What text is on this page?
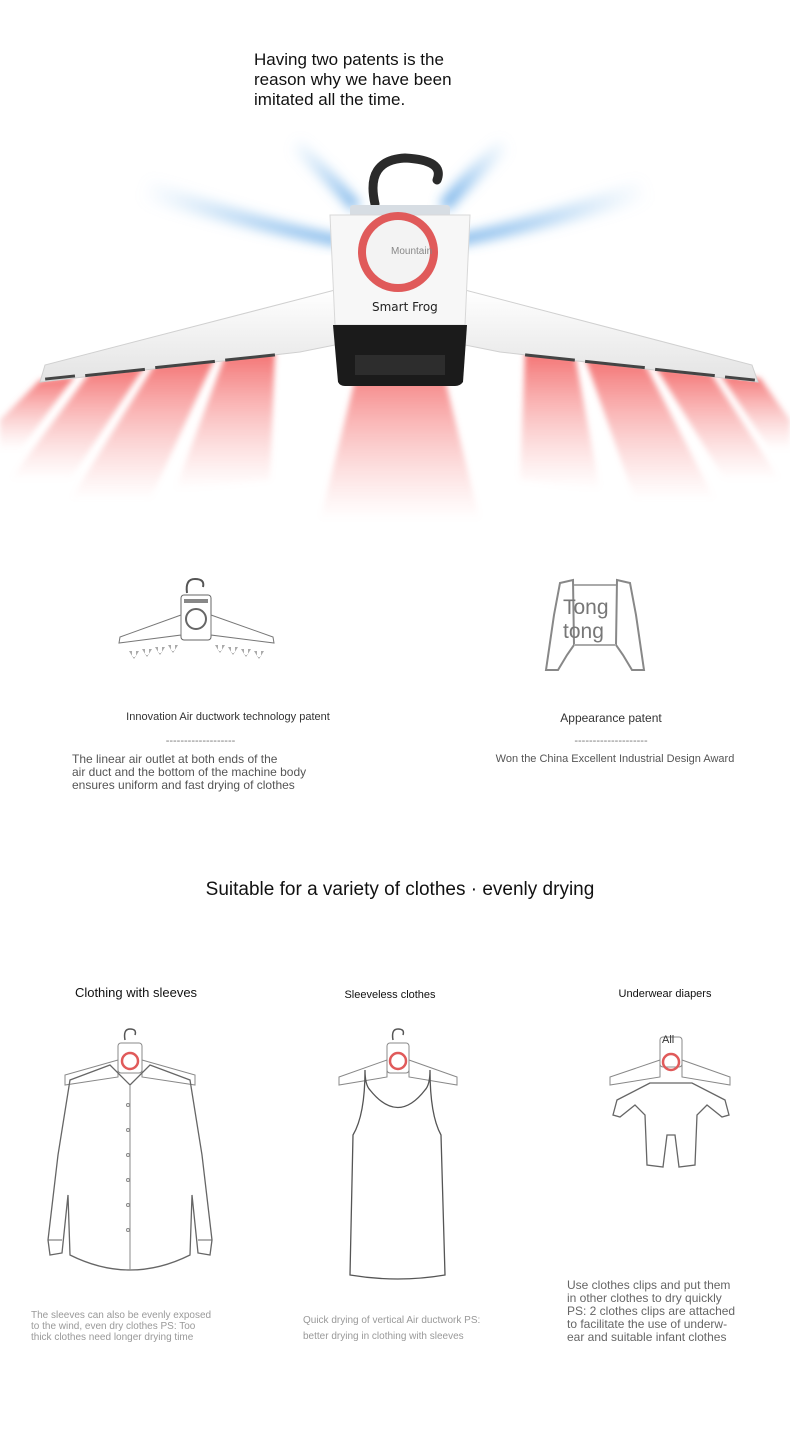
Having two patents is the
reason why we have been
imitated all the time.
Mountain
Smart Frog
Tong
tong
Innovation Air ductwork technology patent
-------------------
The linear air outlet at both ends of the
air duct and the bottom of the machine body
ensures uniform and fast drying of clothes
Appearance patent
--------------------
Won the China Excellent Industrial Design Award
Suitable for a variety of clothes · evenly drying
Clothing with sleeves	Sleeveless clothes	Underwear diapers
All
The sleeves can also be evenly exposed
to the wind, even dry clothes PS: Too
thick clothes need longer drying time
Quick drying of vertical Air ductwork PS:
better drying in clothing with sleeves
Use clothes clips and put them
in other clothes to dry quickly
PS: 2 clothes clips are attached
to facilitate the use of underw-
ear and suitable infant clothes
